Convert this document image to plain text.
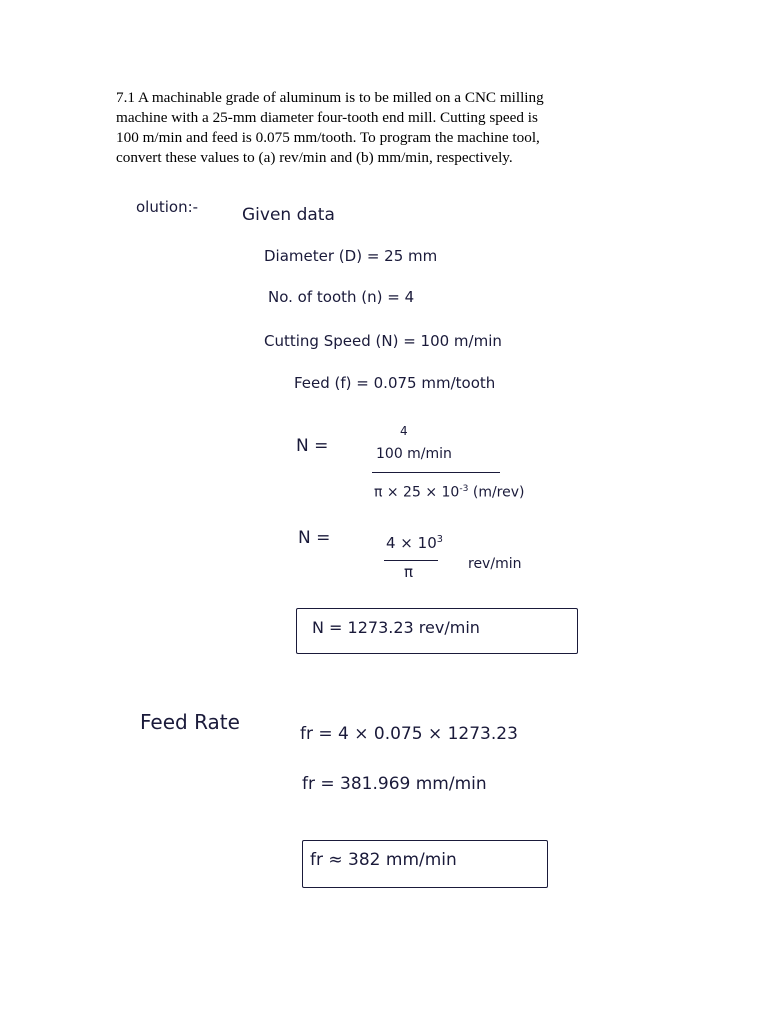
7.1 A machinable grade of aluminum is to be milled on a CNC milling
machine with a 25-mm diameter four-tooth end mill. Cutting speed is
100 m/min and feed is 0.075 mm/tooth. To program the machine tool,
convert these values to (a) rev/min and (b) mm/min, respectively.
olution:-	Given data
Diameter (D) = 25 mm
No. of tooth (n) = 4
Cutting Speed (N) = 100 m/min
Feed (f) = 0.075 mm/tooth
N =
4
100 m/min
$\pi \times 25 \times 10^{-3}$ (m/rev)
N =	$4 \times 10^3$
π	rev/min
N = 1273.23 rev/min
Feed Rate	fr = 4 × 0.075 × 1273.23
fr = 381.969 mm/min
fr ≈ 382 mm/min
